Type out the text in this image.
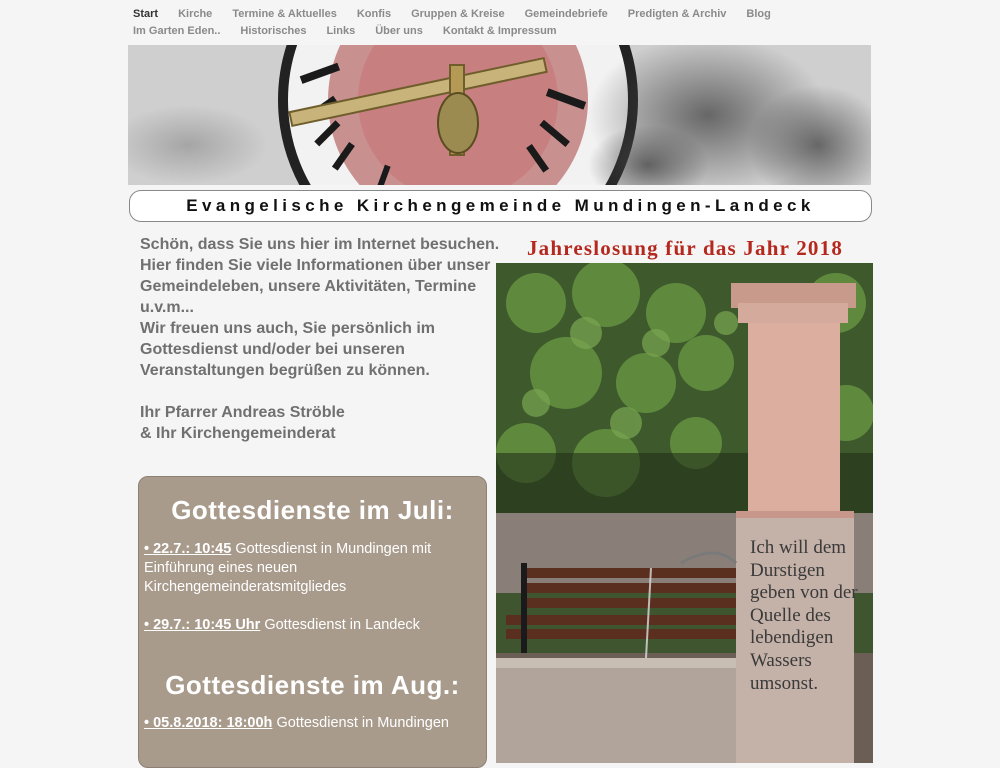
Start Kirche Termine & Aktuelles Konfis Gruppen & Kreise Gemeindebriefe Predigten & Archiv Blog
Im Garten Eden.. Historisches Links Über uns Kontakt & Impressum
Evangelische Kirchengemeinde Mundingen-Landeck

Schön, dass Sie uns hier im Internet besuchen.

Hier finden Sie viele Informationen über unser Gemeindeleben, unsere Aktivitäten, Termine u.v.m...

Wir freuen uns auch, Sie persönlich im Gottesdienst und/oder bei unseren Veranstaltungen begrüßen zu können.

Ihr Pfarrer Andreas Ströble

& Ihr Kirchengemeinderat

Gottesdienste im Juli:
• 22.7.: 10:45 Gottesdienst in Mundingen mit Einführung eines neuen Kirchengemeinderatsmitgliedes
• 29.7.: 10:45 Uhr Gottesdienst in Landeck
Gottesdienste im Aug.:
• 05.8.2018: 18:00h Gottesdienst in Mundingen
Jahreslosung für das Jahr 2018
Ich will dem Durstigen geben von der Quelle des lebendigen Wassers umsonst.
